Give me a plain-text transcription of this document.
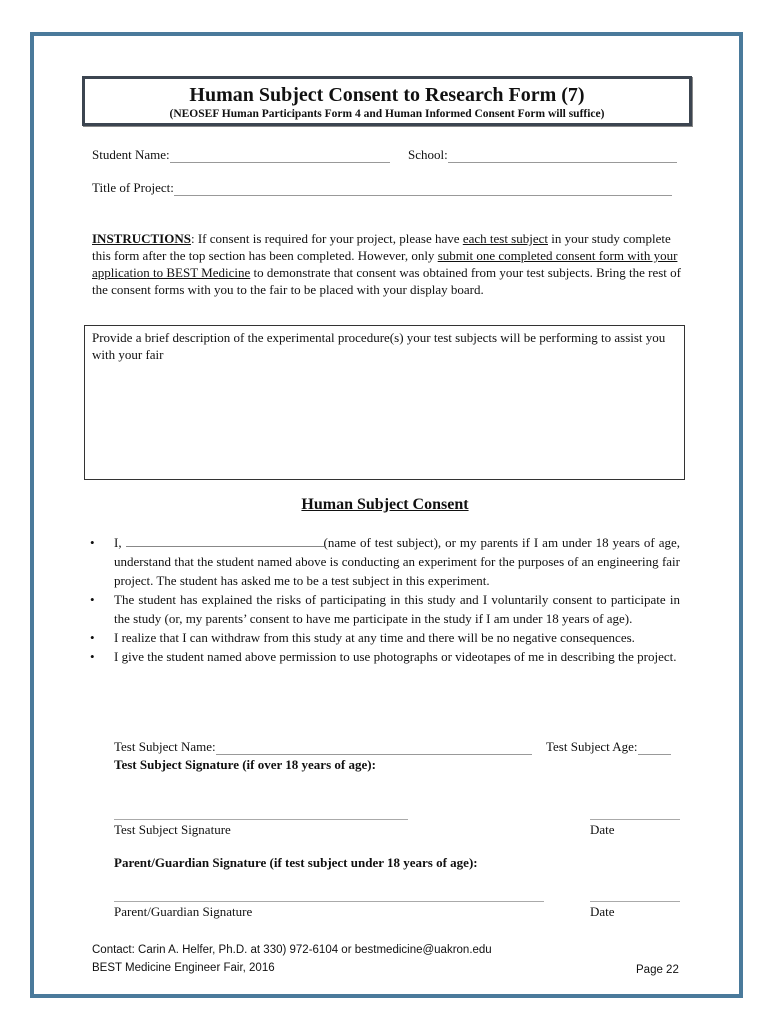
Human Subject Consent to Research Form (7)
(NEOSEF Human Participants Form 4 and Human Informed Consent Form will suffice)
Student Name:	School:
Title of Project:
INSTRUCTIONS: If consent is required for your project, please have each test subject in your study complete this form after the top section has been completed. However, only submit one completed consent form with your application to BEST Medicine to demonstrate that consent was obtained from your test subjects. Bring the rest of the consent forms with you to the fair to be placed with your display board.
Provide a brief description of the experimental procedure(s) your test subjects will be performing to assist you with your fair
Human Subject Consent
• I,	(name of test subject), or my parents if I am under 18 years of age, understand that the student named above is conducting an experiment for the purposes of an engineering fair project. The student has asked me to be a test subject in this experiment.
• The student has explained the risks of participating in this study and I voluntarily consent to participate in the study (or, my parents’ consent to have me participate in the study if I am under 18 years of age).
• I realize that I can withdraw from this study at any time and there will be no negative consequences.
• I give the student named above permission to use photographs or videotapes of me in describing the project.
Test Subject Name:	Test Subject Age:
Test Subject Signature (if over 18 years of age):
Test Subject Signature	Date
Parent/Guardian Signature (if test subject under 18 years of age):
Parent/Guardian Signature	Date
Contact: Carin A. Helfer, Ph.D. at 330) 972-6104 or bestmedicine@uakron.edu
BEST Medicine Engineer Fair, 2016	Page 22
